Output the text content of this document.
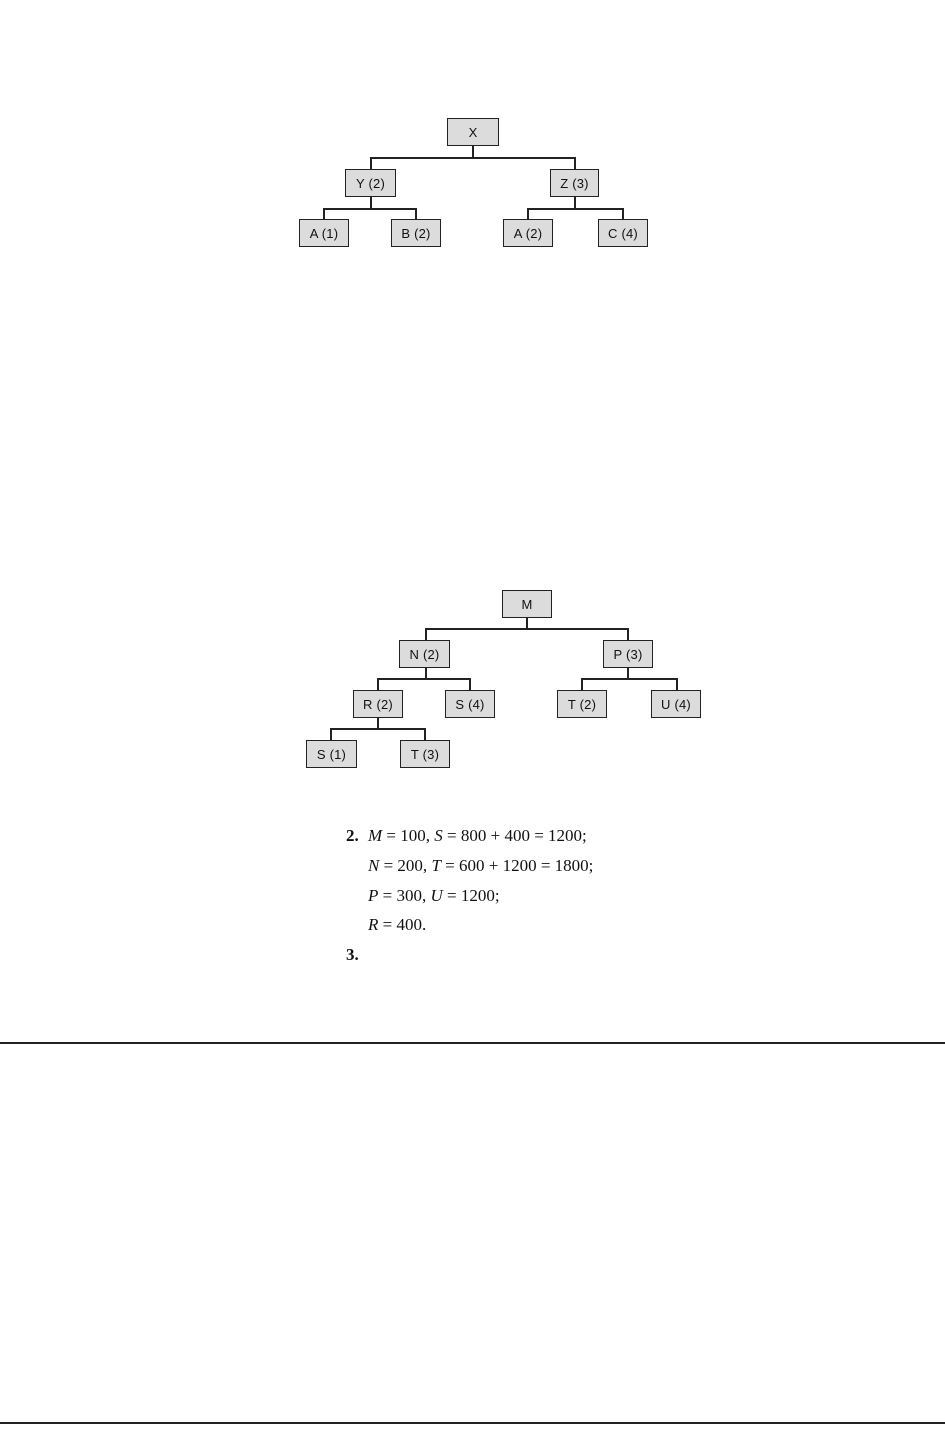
X
Y (2)	Z (3)
A (1)	B (2)	A (2)	C (4)
M
N (2)	P (3)
R (2)	S (4)	T (2)	U (4)
S (1)	T (3)
2. M = 100, S = 800 + 400 = 1200;
N = 200, T = 600 + 1200 = 1800;
P = 300, U = 1200;
R = 400.
3.
